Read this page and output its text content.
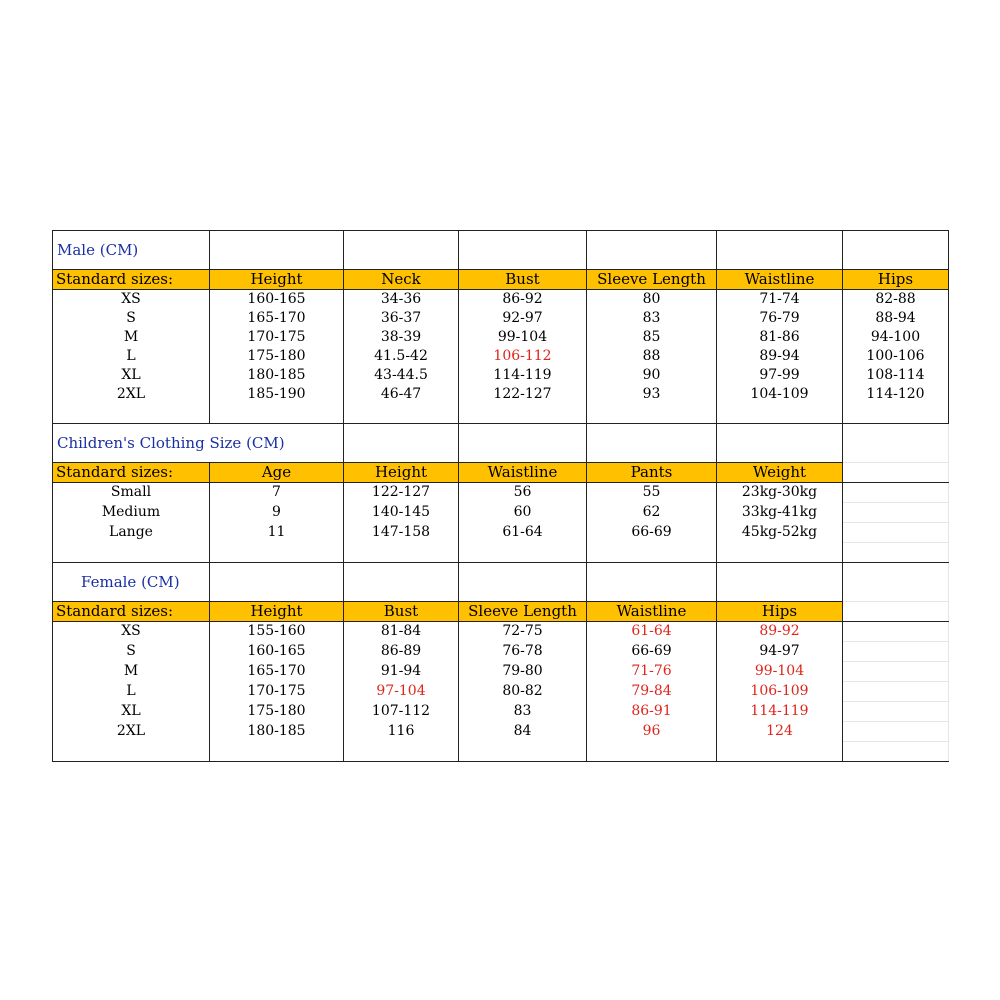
Male (CM)						
Standard sizes:	Height	Neck	Bust	Sleeve Length	Waistline	Hips
XS	160-165	34-36	86-92	80	71-74	82-88
S	165-170	36-37	92-97	83	76-79	88-94
M	170-175	38-39	99-104	85	81-86	94-100
L	175-180	41.5-42	106-112	88	89-94	100-106
XL	180-185	43-44.5	114-119	90	97-99	108-114
2XL	185-190	46-47	122-127	93	104-109	114-120

Children's Clothing Size (CM)						
Standard sizes:	Age	Height	Waistline	Pants	Weight	
Small	7	122-127	56	55	23kg-30kg	
Medium	9	140-145	60	62	33kg-41kg	
Lange	11	147-158	61-64	66-69	45kg-52kg	

Female (CM)						
Standard sizes:	Height	Bust	Sleeve Length	Waistline	Hips	
XS	155-160	81-84	72-75	61-64	89-92	
S	160-165	86-89	76-78	66-69	94-97	
M	165-170	91-94	79-80	71-76	99-104	
L	170-175	97-104	80-82	79-84	106-109	
XL	175-180	107-112	83	86-91	114-119	
2XL	180-185	116	84	96	124	
